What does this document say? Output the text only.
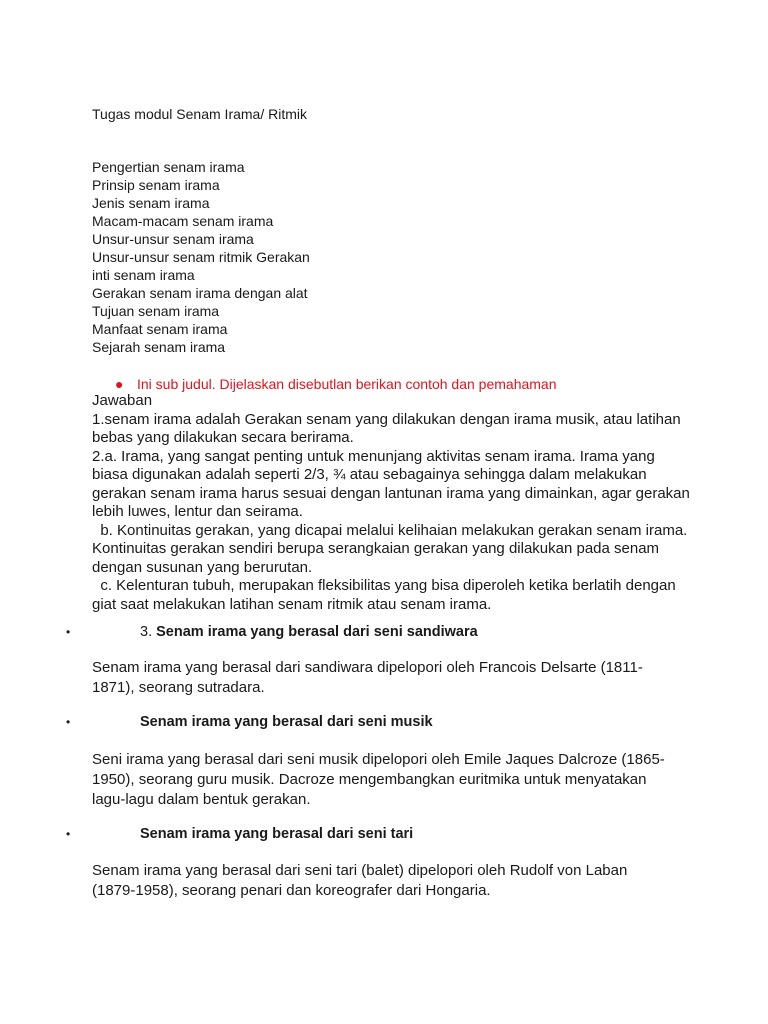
Tugas modul Senam Irama/ Ritmik
Pengertian senam irama
Prinsip senam irama
Jenis senam irama
Macam-macam senam irama
Unsur-unsur senam irama
Unsur-unsur senam ritmik Gerakan
inti senam irama
Gerakan senam irama dengan alat
Tujuan senam irama
Manfaat senam irama
Sejarah senam irama
● Ini sub judul. Dijelaskan disebutlan berikan contoh dan pemahaman
Jawaban
1.senam irama adalah Gerakan senam yang dilakukan dengan irama musik, atau latihan bebas yang dilakukan secara berirama.
2.a. Irama, yang sangat penting untuk menunjang aktivitas senam irama. Irama yang biasa digunakan adalah seperti 2/3, ¾ atau sebagainya sehingga dalam melakukan gerakan senam irama harus sesuai dengan lantunan irama yang dimainkan, agar gerakan lebih luwes, lentur dan seirama.
b. Kontinuitas gerakan, yang dicapai melalui kelihaian melakukan gerakan senam irama. Kontinuitas gerakan sendiri berupa serangkaian gerakan yang dilakukan pada senam dengan susunan yang berurutan.
c. Kelenturan tubuh, merupakan fleksibilitas yang bisa diperoleh ketika berlatih dengan giat saat melakukan latihan senam ritmik atau senam irama.
•	3. Senam irama yang berasal dari seni sandiwara
Senam irama yang berasal dari sandiwara dipelopori oleh Francois Delsarte (1811-1871), seorang sutradara.
•	Senam irama yang berasal dari seni musik
Seni irama yang berasal dari seni musik dipelopori oleh Emile Jaques Dalcroze (1865-1950), seorang guru musik. Dacroze mengembangkan euritmika untuk menyatakan lagu-lagu dalam bentuk gerakan.
•	Senam irama yang berasal dari seni tari
Senam irama yang berasal dari seni tari (balet) dipelopori oleh Rudolf von Laban (1879-1958), seorang penari dan koreografer dari Hongaria.
